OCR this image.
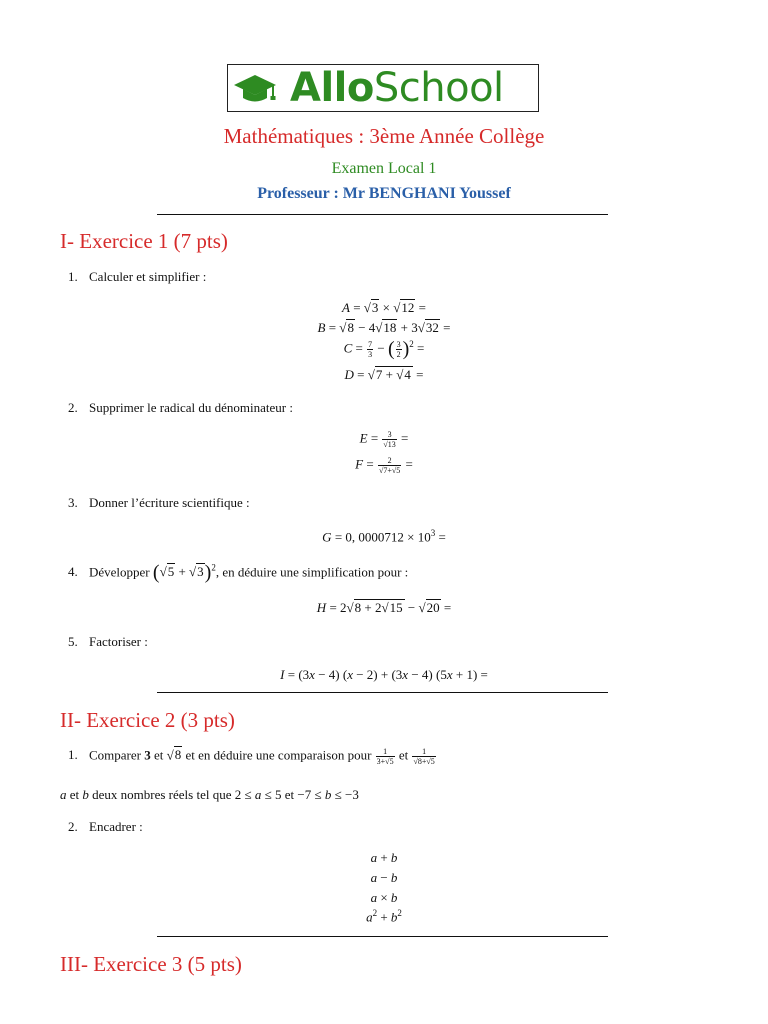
AlloSchool
Mathématiques : 3ème Année Collège
Examen Local 1
Professeur : Mr BENGHANI Youssef
I- Exercice 1 (7 pts)
1. Calculer et simplifier :
A = √3 × √12 =
B = √8 − 4√18 + 3√32 =
$C = \frac{7}{3}$ − ( $\frac{3}{2} )^2$ =
D = √7 + √4 =
2. Supprimer le radical du dénominateur :
$E = \frac{3}{√13}$ =
$F = \frac{2}{√7+√5}$ =
3. Donner l’écriture scientifique :
G = 0, $0000712 \times 10^3$ =
4. Développer $(√5 + √3)^2$, en déduire une simplification pour :
H = 2√8 + 2√15 − √20 =
5. Factoriser :
I = (3x − 4) (x − 2) + (3x − 4) (5x + 1) =
II- Exercice 2 (3 pts)
1. Comparer 3 et √8 et en déduire une comparaison pour $\frac{1}{3+√5}$ et $\frac{1}{√8+√5}$
a et b deux nombres réels tel que 2 ≤ a ≤ 5 et −7 ≤ b ≤ −3
2. Encadrer :
a + b
a − b
a × b
$a^2 + b^2$
III- Exercice 3 (5 pts)
